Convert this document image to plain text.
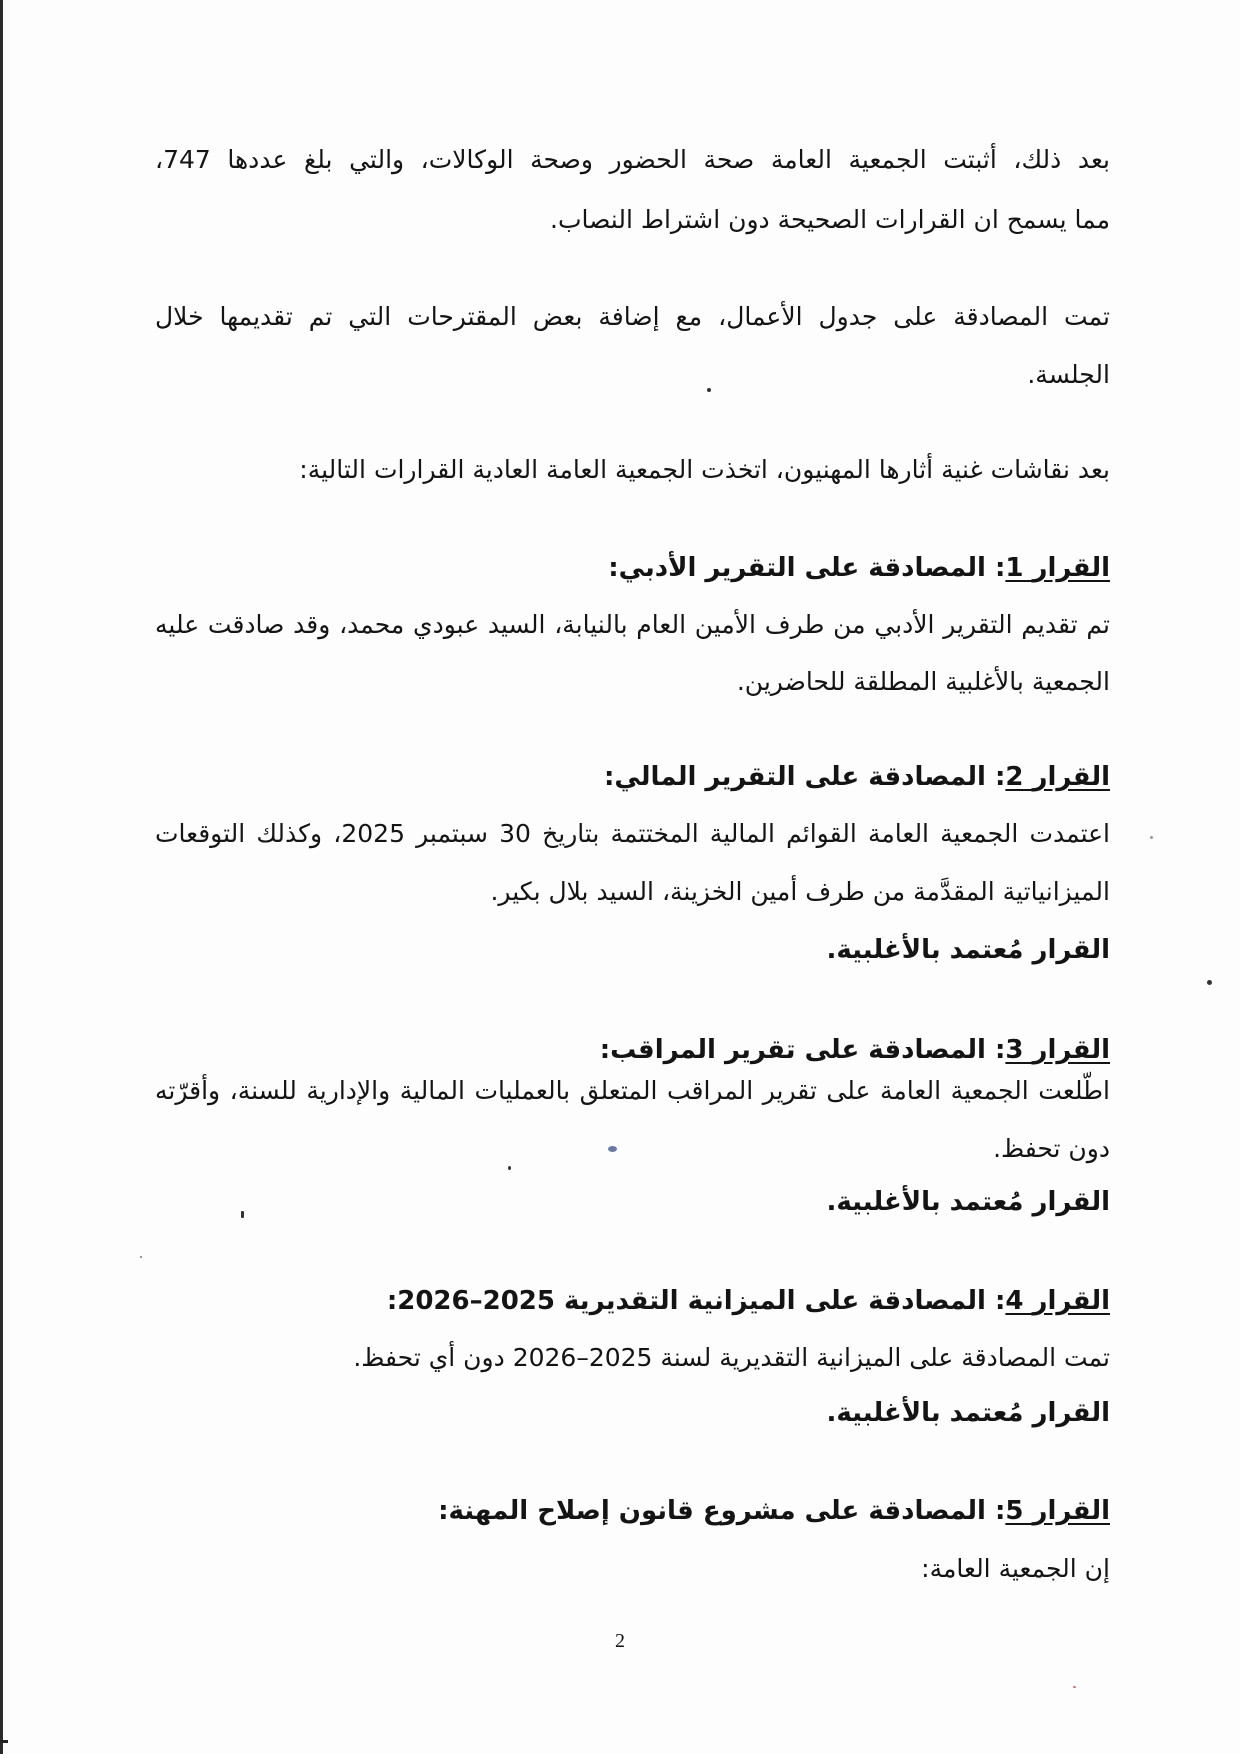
بعد ذلك، أثبتت الجمعية العامة صحة الحضور وصحة الوكالات، والتي بلغ عددها 747،
مما يسمح ان القرارات الصحيحة دون اشتراط النصاب.
تمت المصادقة على جدول الأعمال، مع إضافة بعض المقترحات التي تم تقديمها خلال
الجلسة.
بعد نقاشات غنية أثارها المهنيون، اتخذت الجمعية العامة العادية القرارات التالية:
القرار 1: المصادقة على التقرير الأدبي:
تم تقديم التقرير الأدبي من طرف الأمين العام بالنيابة، السيد عبودي محمد، وقد صادقت عليه
الجمعية بالأغلبية المطلقة للحاضرين.
القرار 2: المصادقة على التقرير المالي:
اعتمدت الجمعية العامة القوائم المالية المختتمة بتاريخ 30 سبتمبر 2025، وكذلك التوقعات
الميزانياتية المقدَّمة من طرف أمين الخزينة، السيد بلال بكير.
القرار مُعتمد بالأغلبية.
القرار 3: المصادقة على تقرير المراقب:
اطّلعت الجمعية العامة على تقرير المراقب المتعلق بالعمليات المالية والإدارية للسنة، وأقرّته
دون تحفظ.
القرار مُعتمد بالأغلبية.
القرار 4: المصادقة على الميزانية التقديرية 2025–2026:
تمت المصادقة على الميزانية التقديرية لسنة 2025–2026 دون أي تحفظ.
القرار مُعتمد بالأغلبية.
القرار 5: المصادقة على مشروع قانون إصلاح المهنة:
إن الجمعية العامة:
2
